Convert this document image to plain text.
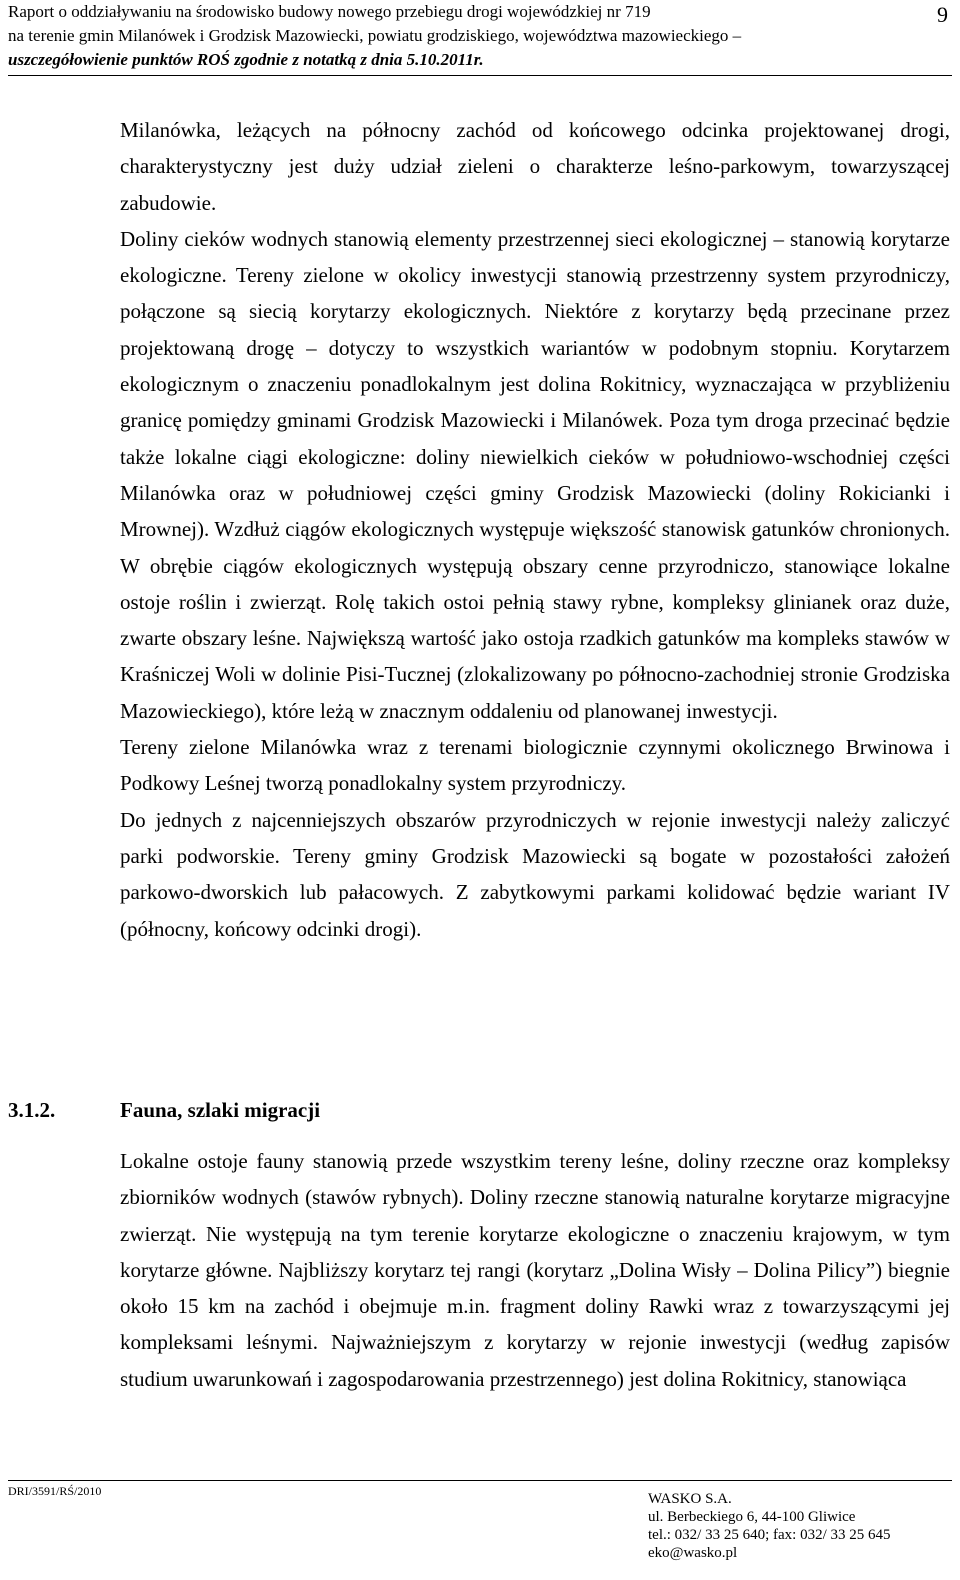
Raport o oddziaływaniu na środowisko budowy nowego przebiegu drogi wojewódzkiej nr 719
na terenie gmin Milanówek i Grodzisk Mazowiecki, powiatu grodziskiego, województwa mazowieckiego –
uszczegółowienie punktów ROŚ zgodnie z notatką z dnia 5.10.2011r.
9

Milanówka, leżących na północny zachód od końcowego odcinka projektowanej drogi, charakterystyczny jest duży udział zieleni o charakterze leśno-parkowym, towarzyszącej zabudowie.

Doliny cieków wodnych stanowią elementy przestrzennej sieci ekologicznej – stanowią korytarze ekologiczne. Tereny zielone w okolicy inwestycji stanowią przestrzenny system przyrodniczy, połączone są siecią korytarzy ekologicznych. Niektóre z korytarzy będą przecinane przez projektowaną drogę – dotyczy to wszystkich wariantów w podobnym stopniu. Korytarzem ekologicznym o znaczeniu ponadlokalnym jest dolina Rokitnicy, wyznaczająca w przybliżeniu granicę pomiędzy gminami Grodzisk Mazowiecki i Milanówek. Poza tym droga przecinać będzie także lokalne ciągi ekologiczne: doliny niewielkich cieków w południowo-wschodniej części Milanówka oraz w południowej części gminy Grodzisk Mazowiecki (doliny Rokicianki i Mrownej). Wzdłuż ciągów ekologicznych występuje większość stanowisk gatunków chronionych. W obrębie ciągów ekologicznych występują obszary cenne przyrodniczo, stanowiące lokalne ostoje roślin i zwierząt. Rolę takich ostoi pełnią stawy rybne, kompleksy glinianek oraz duże, zwarte obszary leśne. Największą wartość jako ostoja rzadkich gatunków ma kompleks stawów w Kraśniczej Woli w dolinie Pisi-Tucznej (zlokalizowany po północno-zachodniej stronie Grodziska Mazowieckiego), które leżą w znacznym oddaleniu od planowanej inwestycji.

Tereny zielone Milanówka wraz z terenami biologicznie czynnymi okolicznego Brwinowa i Podkowy Leśnej tworzą ponadlokalny system przyrodniczy.

Do jednych z najcenniejszych obszarów przyrodniczych w rejonie inwestycji należy zaliczyć parki podworskie. Tereny gminy Grodzisk Mazowiecki są bogate w pozostałości założeń parkowo-dworskich lub pałacowych. Z zabytkowymi parkami kolidować będzie wariant IV (północny, końcowy odcinki drogi).

3.1.2.	Fauna, szlaki migracji

Lokalne ostoje fauny stanowią przede wszystkim tereny leśne, doliny rzeczne oraz kompleksy zbiorników wodnych (stawów rybnych). Doliny rzeczne stanowią naturalne korytarze migracyjne zwierząt. Nie występują na tym terenie korytarze ekologiczne o znaczeniu krajowym, w tym korytarze główne. Najbliższy korytarz tej rangi (korytarz „Dolina Wisły – Dolina Pilicy”) biegnie około 15 km na zachód i obejmuje m.in. fragment doliny Rawki wraz z towarzyszącymi jej kompleksami leśnymi. Najważniejszym z korytarzy w rejonie inwestycji (według zapisów studium uwarunkowań i zagospodarowania przestrzennego) jest dolina Rokitnicy, stanowiąca

DRI/3591/RŚ/2010	WASKO S.A.
ul. Berbeckiego 6, 44-100 Gliwice
tel.: 032/ 33 25 640; fax: 032/ 33 25 645
eko@wasko.pl
